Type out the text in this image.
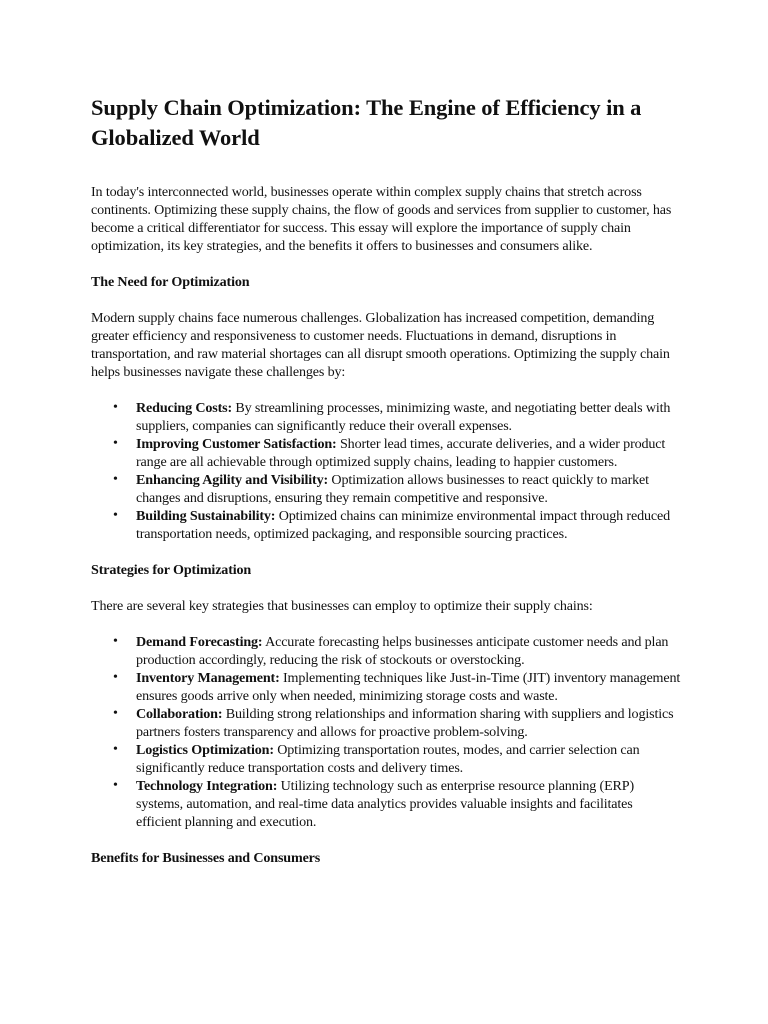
Supply Chain Optimization: The Engine of Efficiency in a Globalized World

In today's interconnected world, businesses operate within complex supply chains that stretch across continents. Optimizing these supply chains, the flow of goods and services from supplier to customer, has become a critical differentiator for success. This essay will explore the importance of supply chain optimization, its key strategies, and the benefits it offers to businesses and consumers alike.

The Need for Optimization

Modern supply chains face numerous challenges. Globalization has increased competition, demanding greater efficiency and responsiveness to customer needs. Fluctuations in demand, disruptions in transportation, and raw material shortages can all disrupt smooth operations. Optimizing the supply chain helps businesses navigate these challenges by:

• Reducing Costs: By streamlining processes, minimizing waste, and negotiating better deals with suppliers, companies can significantly reduce their overall expenses.
• Improving Customer Satisfaction: Shorter lead times, accurate deliveries, and a wider product range are all achievable through optimized supply chains, leading to happier customers.
• Enhancing Agility and Visibility: Optimization allows businesses to react quickly to market changes and disruptions, ensuring they remain competitive and responsive.
• Building Sustainability: Optimized chains can minimize environmental impact through reduced transportation needs, optimized packaging, and responsible sourcing practices.
Strategies for Optimization

There are several key strategies that businesses can employ to optimize their supply chains:

• Demand Forecasting: Accurate forecasting helps businesses anticipate customer needs and plan production accordingly, reducing the risk of stockouts or overstocking.
• Inventory Management: Implementing techniques like Just-in-Time (JIT) inventory management ensures goods arrive only when needed, minimizing storage costs and waste.
• Collaboration: Building strong relationships and information sharing with suppliers and logistics partners fosters transparency and allows for proactive problem-solving.
• Logistics Optimization: Optimizing transportation routes, modes, and carrier selection can significantly reduce transportation costs and delivery times.
• Technology Integration: Utilizing technology such as enterprise resource planning (ERP) systems, automation, and real-time data analytics provides valuable insights and facilitates efficient planning and execution.
Benefits for Businesses and Consumers
